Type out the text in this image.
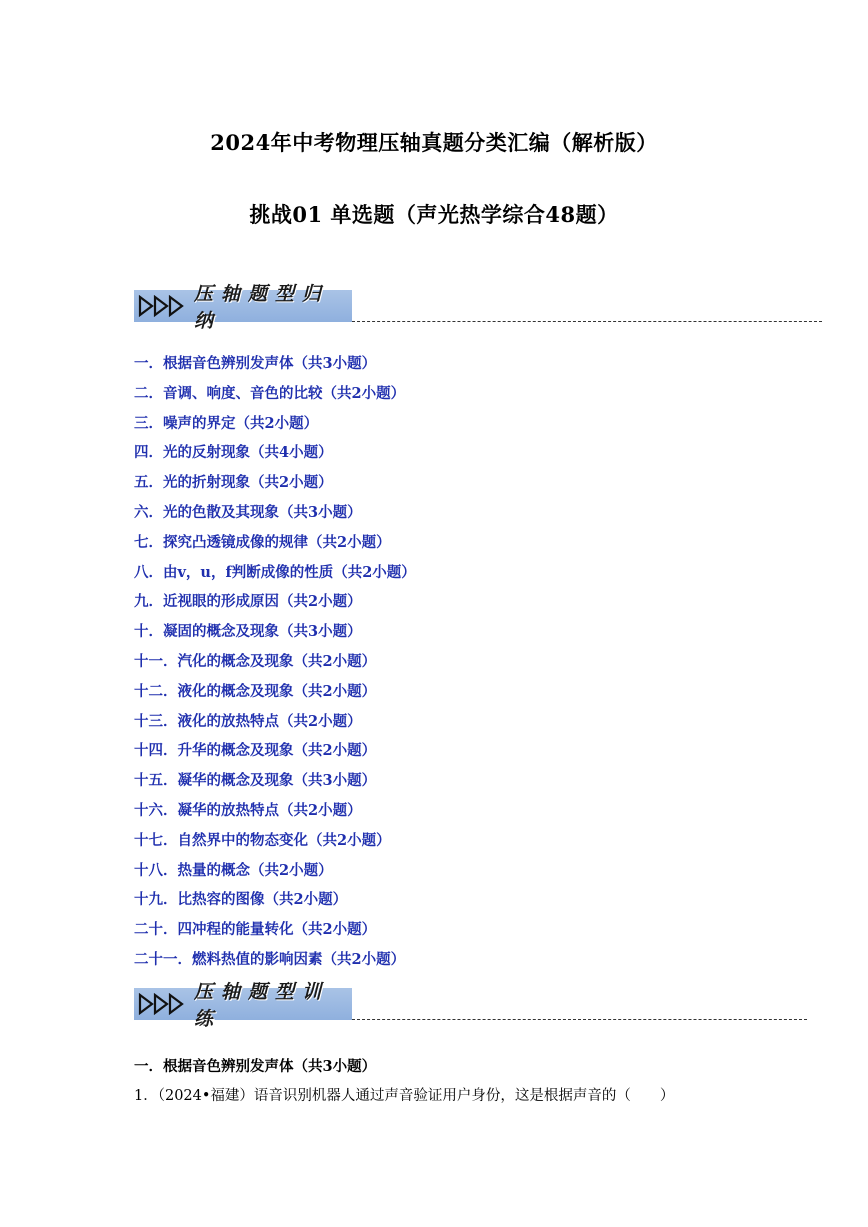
2024年中考物理压轴真题分类汇编（解析版）
挑战01 单选题（声光热学综合48题）
压轴题型归纳
一．根据音色辨别发声体（共3小题）
二．音调、响度、音色的比较（共2小题）
三．噪声的界定（共2小题）
四．光的反射现象（共4小题）
五．光的折射现象（共2小题）
六．光的色散及其现象（共3小题）
七．探究凸透镜成像的规律（共2小题）
八．由v，u，f判断成像的性质（共2小题）
九．近视眼的形成原因（共2小题）
十．凝固的概念及现象（共3小题）
十一．汽化的概念及现象（共2小题）
十二．液化的概念及现象（共2小题）
十三．液化的放热特点（共2小题）
十四．升华的概念及现象（共2小题）
十五．凝华的概念及现象（共3小题）
十六．凝华的放热特点（共2小题）
十七．自然界中的物态变化（共2小题）
十八．热量的概念（共2小题）
十九．比热容的图像（共2小题）
二十．四冲程的能量转化（共2小题）
二十一．燃料热值的影响因素（共2小题）
压轴题型训练
一．根据音色辨别发声体（共3小题）
1．（2024•福建）语音识别机器人通过声音验证用户身份，这是根据声音的（　　）
